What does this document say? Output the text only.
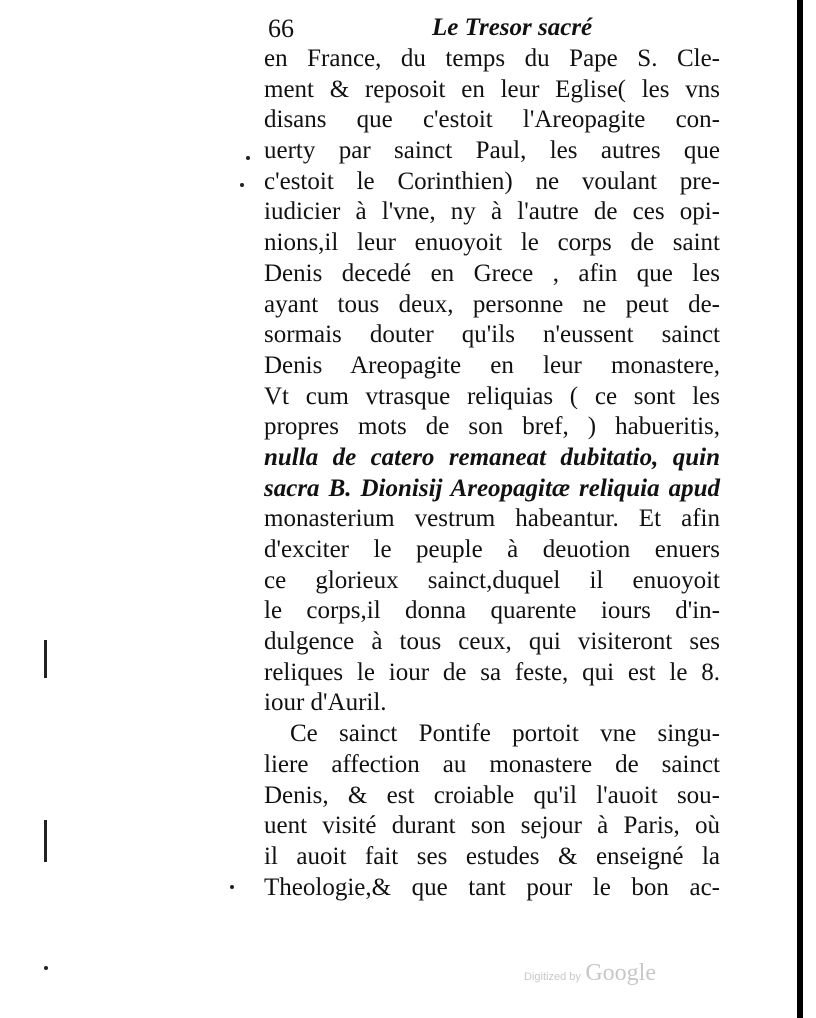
66	Le Tresor sacré
en France, du temps du Pape S. Cle-
ment & reposoit en leur Eglise( les vns
disans que c'estoit l'Areopagite con-
uerty par sainct Paul, les autres que
c'estoit le Corinthien) ne voulant pre-
iudicier à l'vne, ny à l'autre de ces opi-
nions,il leur enuoyoit le corps de saint
Denis decedé en Grece , afin que les
ayant tous deux, personne ne peut de-
sormais douter qu'ils n'eussent sainct
Denis Areopagite en leur monastere,
Vt cum vtrasque reliquias ( ce sont les
propres mots de son bref, ) habueritis,
nulla de catero remaneat dubitatio, quin
sacra B. Dionisij Areopagitæ reliquia apud
monasterium vestrum habeantur. Et afin
d'exciter le peuple à deuotion enuers
ce glorieux sainct,duquel il enuoyoit
le corps,il donna quarente iours d'in-
dulgence à tous ceux, qui visiteront ses
reliques le iour de sa feste, qui est le 8.
iour d'Auril.
Ce sainct Pontife portoit vne singu-
liere affection au monastere de sainct
Denis, & est croiable qu'il l'auoit sou-
uent visité durant son sejour à Paris, où
il auoit fait ses estudes & enseigné la
Theologie,& que tant pour le bon ac-
Digitized by Google
